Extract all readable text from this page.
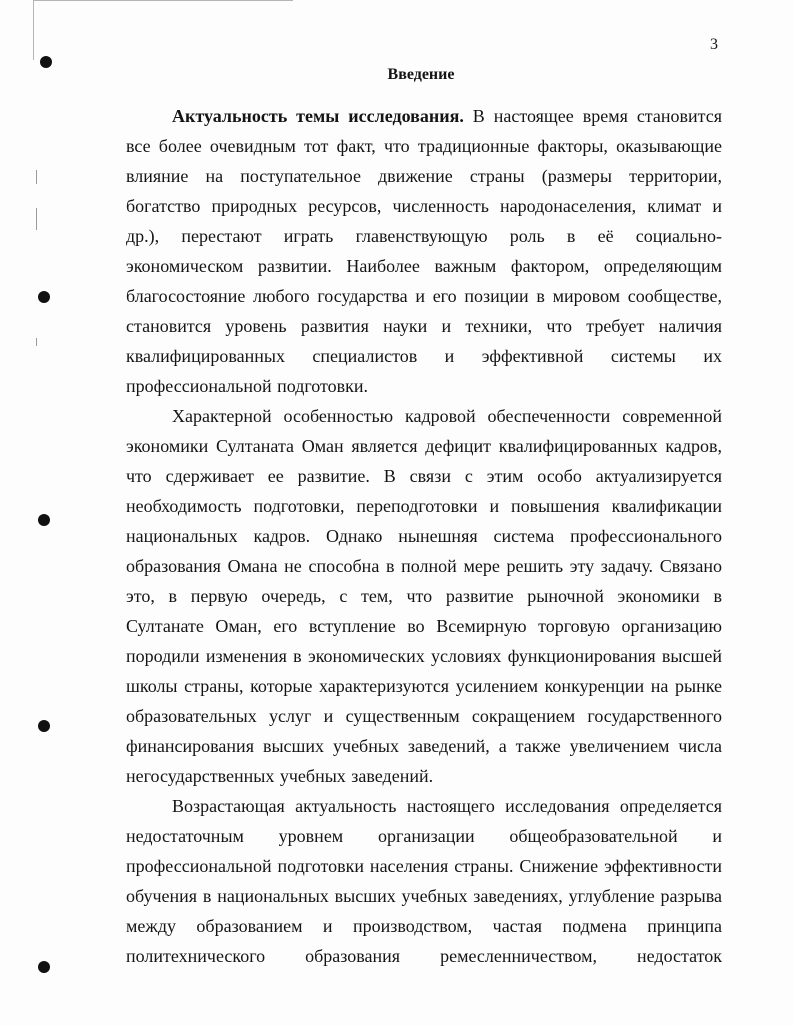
3
Введение

Актуальность темы исследования. В настоящее время становится все более очевидным тот факт, что традиционные факторы, оказывающие влияние на поступательное движение страны (размеры территории, богатство природных ресурсов, численность народонаселения, климат и др.), перестают играть главенствующую роль в её социально-экономическом развитии. Наиболее важным фактором, определяющим благосостояние любого государства и его позиции в мировом сообществе, становится уровень развития науки и техники, что требует наличия квалифицированных специалистов и эффективной системы их профессиональной подготовки.

Характерной особенностью кадровой обеспеченности современной экономики Султаната Оман является дефицит квалифицированных кадров, что сдерживает ее развитие. В связи с этим особо актуализируется необходимость подготовки, переподготовки и повышения квалификации национальных кадров. Однако нынешняя система профессионального образования Омана не способна в полной мере решить эту задачу. Связано это, в первую очередь, с тем, что развитие рыночной экономики в Султанате Оман, его вступление во Всемирную торговую организацию породили изменения в экономических условиях функционирования высшей школы страны, которые характеризуются усилением конкуренции на рынке образовательных услуг и существенным сокращением государственного финансирования высших учебных заведений, а также увеличением числа негосударственных учебных заведений.

Возрастающая актуальность настоящего исследования определяется недостаточным уровнем организации общеобразовательной и профессиональной подготовки населения страны. Снижение эффективности обучения в национальных высших учебных заведениях, углубление разрыва между образованием и производством, частая подмена принципа политехнического образования ремесленничеством, недостаток
